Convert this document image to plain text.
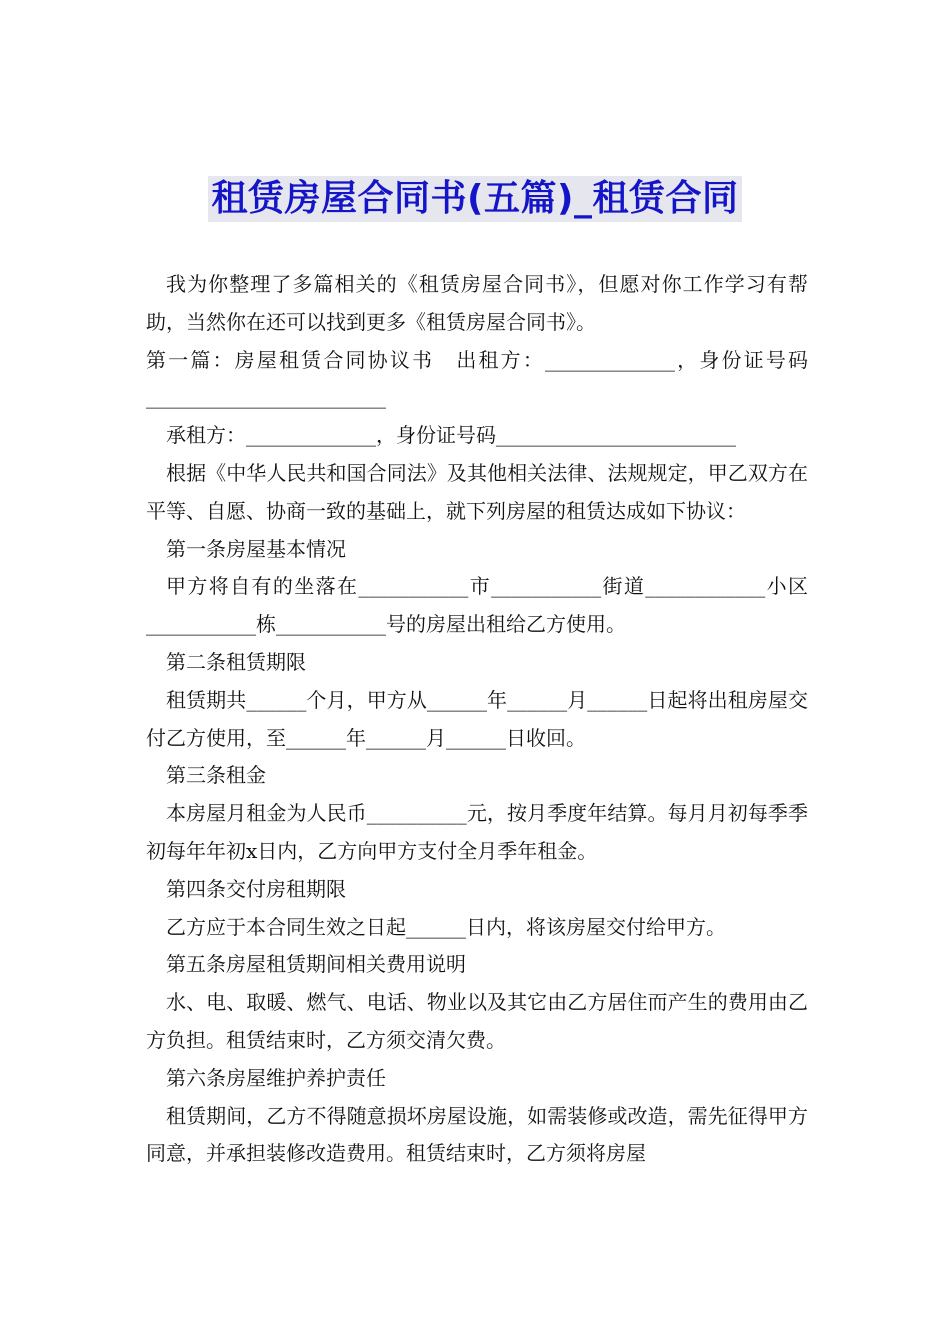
租赁房屋合同书(五篇)_租赁合同

我为你整理了多篇相关的《租赁房屋合同书》，但愿对你工作学习有帮助，当然你在还可以找到更多《租赁房屋合同书》。

第一篇：房屋租赁合同协议书　出租方：_____________，身份证号码________________________

承租方：_____________，身份证号码________________________

根据《中华人民共和国合同法》及其他相关法律、法规规定，甲乙双方在平等、自愿、协商一致的基础上，就下列房屋的租赁达成如下协议：

第一条房屋基本情况

甲方将自有的坐落在___________市___________街道____________小区___________栋___________号的房屋出租给乙方使用。

第二条租赁期限

租赁期共______个月，甲方从______年______月______日起将出租房屋交付乙方使用，至______年______月______日收回。

第三条租金

本房屋月租金为人民币__________元，按月季度年结算。每月月初每季季初每年年初x日内，乙方向甲方支付全月季年租金。

第四条交付房租期限

乙方应于本合同生效之日起______日内，将该房屋交付给甲方。

第五条房屋租赁期间相关费用说明

水、电、取暖、燃气、电话、物业以及其它由乙方居住而产生的费用由乙方负担。租赁结束时，乙方须交清欠费。

第六条房屋维护养护责任

租赁期间，乙方不得随意损坏房屋设施，如需装修或改造，需先征得甲方同意，并承担装修改造费用。租赁结束时，乙方须将房屋
